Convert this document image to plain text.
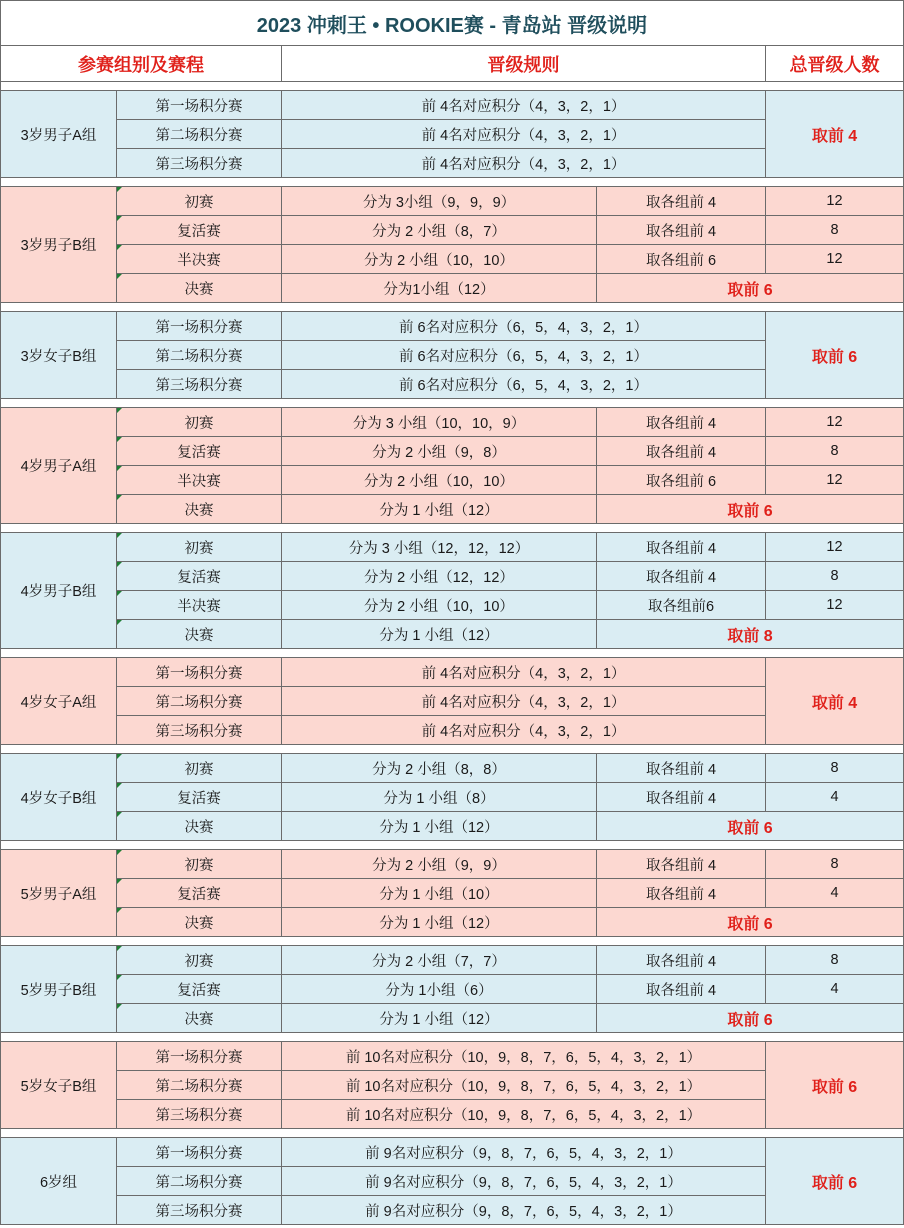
2023 冲刺王 • ROOKIE赛 - 青岛站 晋级说明
参赛组别及赛程	晋级规则	总晋级人数
3岁男子A组
第一场积分赛	前 4名对应积分（4，3，2，1）
第二场积分赛	前 4名对应积分（4，3，2，1）
第三场积分赛	前 4名对应积分（4，3，2，1）
取前 4
3岁男子B组
初赛	分为 3小组（9，9，9）	取各组前 4	12
复活赛	分为 2 小组（8，7）	取各组前 4	8
半决赛	分为 2 小组（10，10）	取各组前 6	12
决赛	分为1小组（12）	取前 6
3岁女子B组
第一场积分赛	前 6名对应积分（6，5，4，3，2，1）
第二场积分赛	前 6名对应积分（6，5，4，3，2，1）
第三场积分赛	前 6名对应积分（6，5，4，3，2，1）
取前 6
4岁男子A组
初赛	分为 3 小组（10，10，9）	取各组前 4	12
复活赛	分为 2 小组（9，8）	取各组前 4	8
半决赛	分为 2 小组（10，10）	取各组前 6	12
决赛	分为 1 小组（12）	取前 6
4岁男子B组
初赛	分为 3 小组（12，12，12）	取各组前 4	12
复活赛	分为 2 小组（12，12）	取各组前 4	8
半决赛	分为 2 小组（10，10）	取各组前6	12
决赛	分为 1 小组（12）	取前 8
4岁女子A组
第一场积分赛	前 4名对应积分（4，3，2，1）
第二场积分赛	前 4名对应积分（4，3，2，1）
第三场积分赛	前 4名对应积分（4，3，2，1）
取前 4
4岁女子B组
初赛	分为 2 小组（8，8）	取各组前 4	8
复活赛	分为 1 小组（8）	取各组前 4	4
决赛	分为 1 小组（12）	取前 6
5岁男子A组
初赛	分为 2 小组（9，9）	取各组前 4	8
复活赛	分为 1 小组（10）	取各组前 4	4
决赛	分为 1 小组（12）	取前 6
5岁男子B组
初赛	分为 2 小组（7，7）	取各组前 4	8
复活赛	分为 1小组（6）	取各组前 4	4
决赛	分为 1 小组（12）	取前 6
5岁女子B组
第一场积分赛	前 10名对应积分（10，9，8，7，6，5，4，3，2，1）
第二场积分赛	前 10名对应积分（10，9，8，7，6，5，4，3，2，1）
第三场积分赛	前 10名对应积分（10，9，8，7，6，5，4，3，2，1）
取前 6
6岁组
第一场积分赛	前 9名对应积分（9，8，7，6，5，4，3，2，1）
第二场积分赛	前 9名对应积分（9，8，7，6，5，4，3，2，1）
第三场积分赛	前 9名对应积分（9，8，7，6，5，4，3，2，1）
取前 6
